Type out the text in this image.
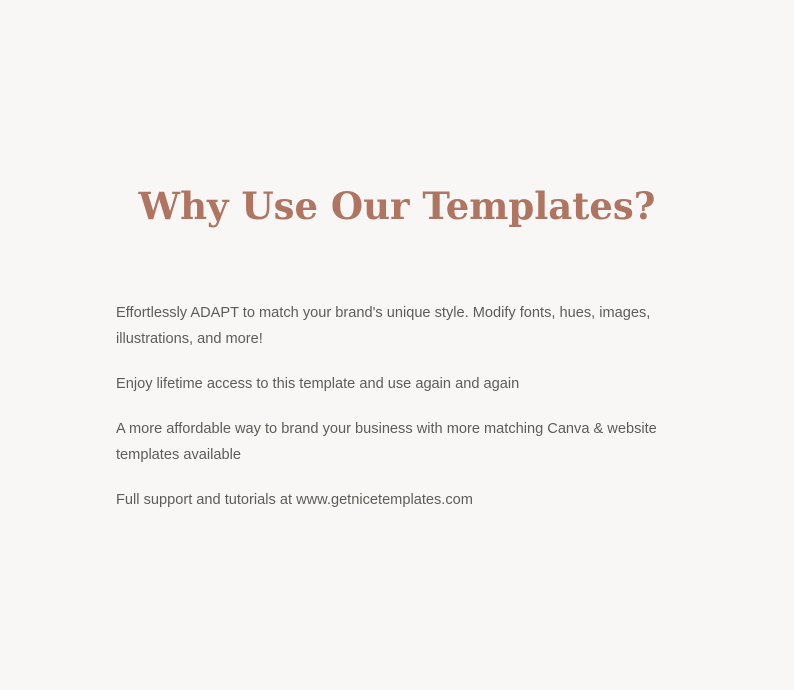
Why Use Our Templates?

Effortlessly ADAPT to match your brand's unique style. Modify fonts, hues, images, illustrations, and more!

Enjoy lifetime access to this template and use again and again

A more affordable way to brand your business with more matching Canva & website templates available

Full support and tutorials at www.getnicetemplates.com
